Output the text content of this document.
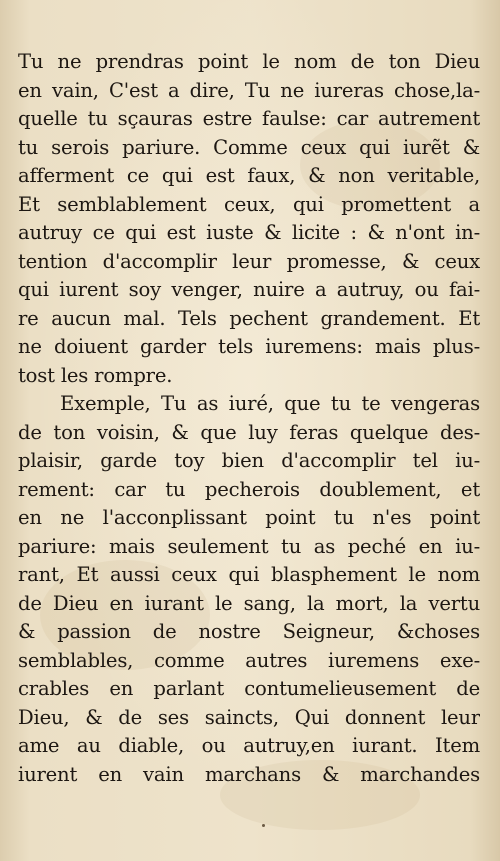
Tu ne prendras point le nom de ton Dieu
en vain, C'est a dire, Tu ne iureras chose,la-
quelle tu sçauras estre faulse: car autrement
tu serois pariure. Comme ceux qui iurẽt &
afferment ce qui est faux, & non veritable,
Et semblablement ceux, qui promettent a
autruy ce qui est iuste & licite : & n'ont in-
tention d'accomplir leur promesse, & ceux
qui iurent soy venger, nuire a autruy, ou fai-
re aucun mal. Tels pechent grandement. Et
ne doiuent garder tels iuremens: mais plus-
tost les rompre.
Exemple, Tu as iuré, que tu te vengeras
de ton voisin, & que luy feras quelque des-
plaisir, garde toy bien d'accomplir tel iu-
rement: car tu pecherois doublement, et
en ne l'acconplissant point tu n'es point
pariure: mais seulement tu as peché en iu-
rant, Et aussi ceux qui blasphement le nom
de Dieu en iurant le sang, la mort, la vertu
& passion de nostre Seigneur, &choses
semblables, comme autres iuremens exe-
crables en parlant contumelieusement de
Dieu, & de ses saincts, Qui donnent leur
ame au diable, ou autruy,en iurant. Item
iurent en vain marchans & marchandes
